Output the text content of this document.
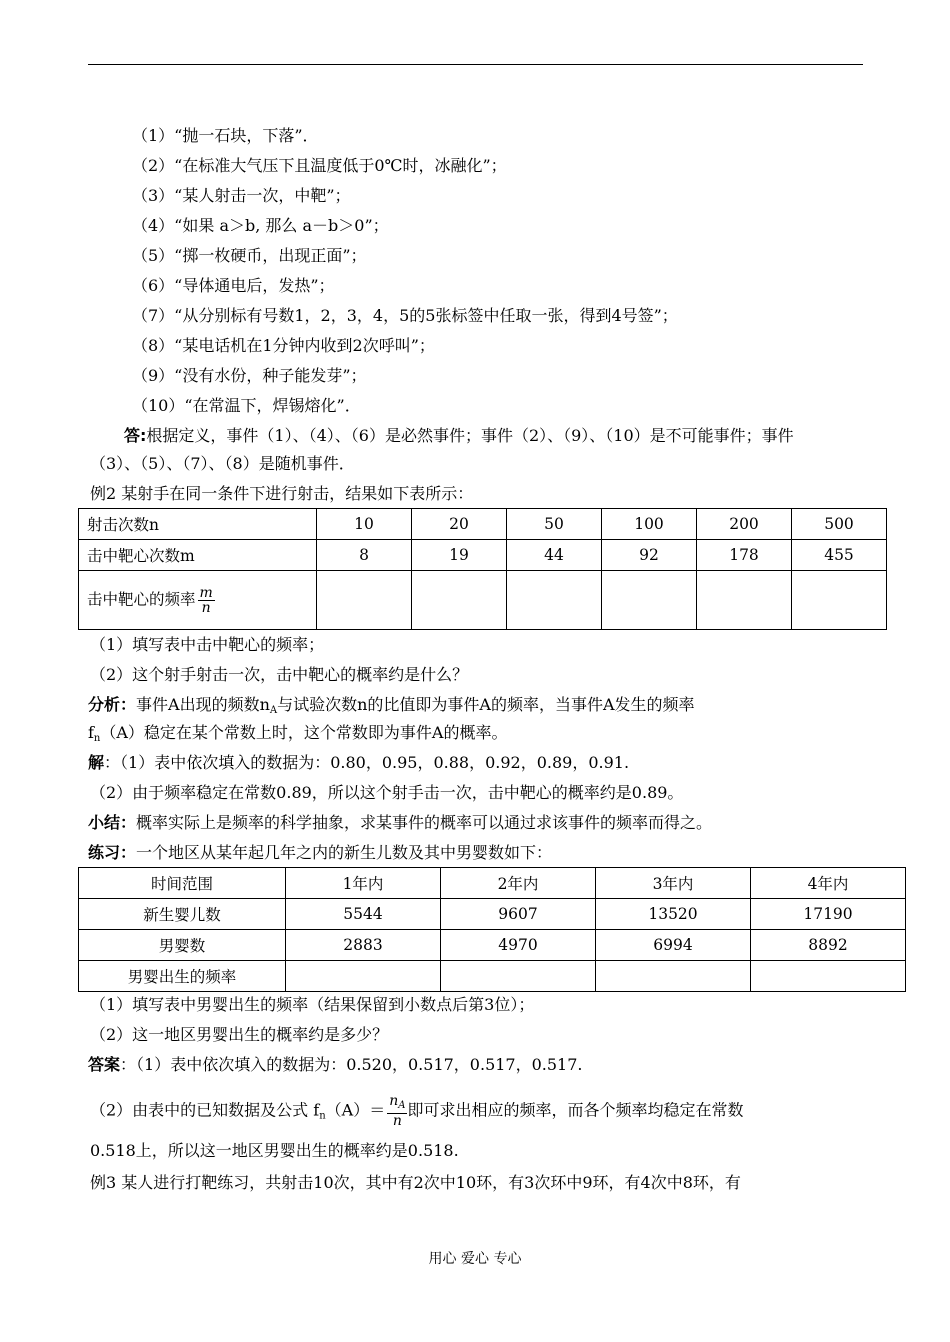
（1）“抛一石块，下落”．
（2）“在标准大气压下且温度低于0℃时，冰融化”；
（3）“某人射击一次，中靶”；
（4）“如果 a＞b, 那么 a－b＞0”；
（5）“掷一枚硬币，出现正面”；
（6）“导体通电后，发热”；
（7）“从分别标有号数1，2，3，4，5的5张标签中任取一张，得到4号签”；
（8）“某电话机在1分钟内收到2次呼叫”；
（9）“没有水份，种子能发芽”；
（10）“在常温下，焊锡熔化”．
答:根据定义，事件（1）、（4）、（6）是必然事件；事件（2）、（9）、（10）是不可能事件；事件
（3）、（5）、（7）、（8）是随机事件．
例2 某射手在同一条件下进行射击，结果如下表所示：
射击次数n	10	20	50	100	200	500
击中靶心次数m	8	19	44	92	178	455
击中靶心的频率 $\frac{m}{n}$

（1）填写表中击中靶心的频率；
（2）这个射手射击一次，击中靶心的概率约是什么？
分析：事件A出现的频数$n_A$与试验次数n的比值即为事件A的频率，当事件A发生的频率
$f_n(A)$稳定在某个常数上时，这个常数即为事件A的概率。
解：（1）表中依次填入的数据为：0.80，0.95，0.88，0.92，0.89，0.91.
（2）由于频率稳定在常数0.89，所以这个射手击一次，击中靶心的概率约是0.89。
小结：概率实际上是频率的科学抽象，求某事件的概率可以通过求该事件的频率而得之。
练习：一个地区从某年起几年之内的新生儿数及其中男婴数如下：
时间范围	1年内	2年内	3年内	4年内
新生婴儿数	5544	9607	13520	17190
男婴数	2883	4970	6994	8892
男婴出生的频率				
（1）填写表中男婴出生的频率（结果保留到小数点后第3位）；
（2）这一地区男婴出生的概率约是多少？
答案：（1）表中依次填入的数据为：0.520，0.517，0.517，0.517.
（2）由表中的已知数据及公式 $f_n(A)= \frac{n_A}{n}$ 即可求出相应的频率，而各个频率均稳定在常数
0.518上，所以这一地区男婴出生的概率约是0.518.
例3 某人进行打靶练习，共射击10次，其中有2次中10环，有3次环中9环，有4次中8环，有
用心 爱心 专心
